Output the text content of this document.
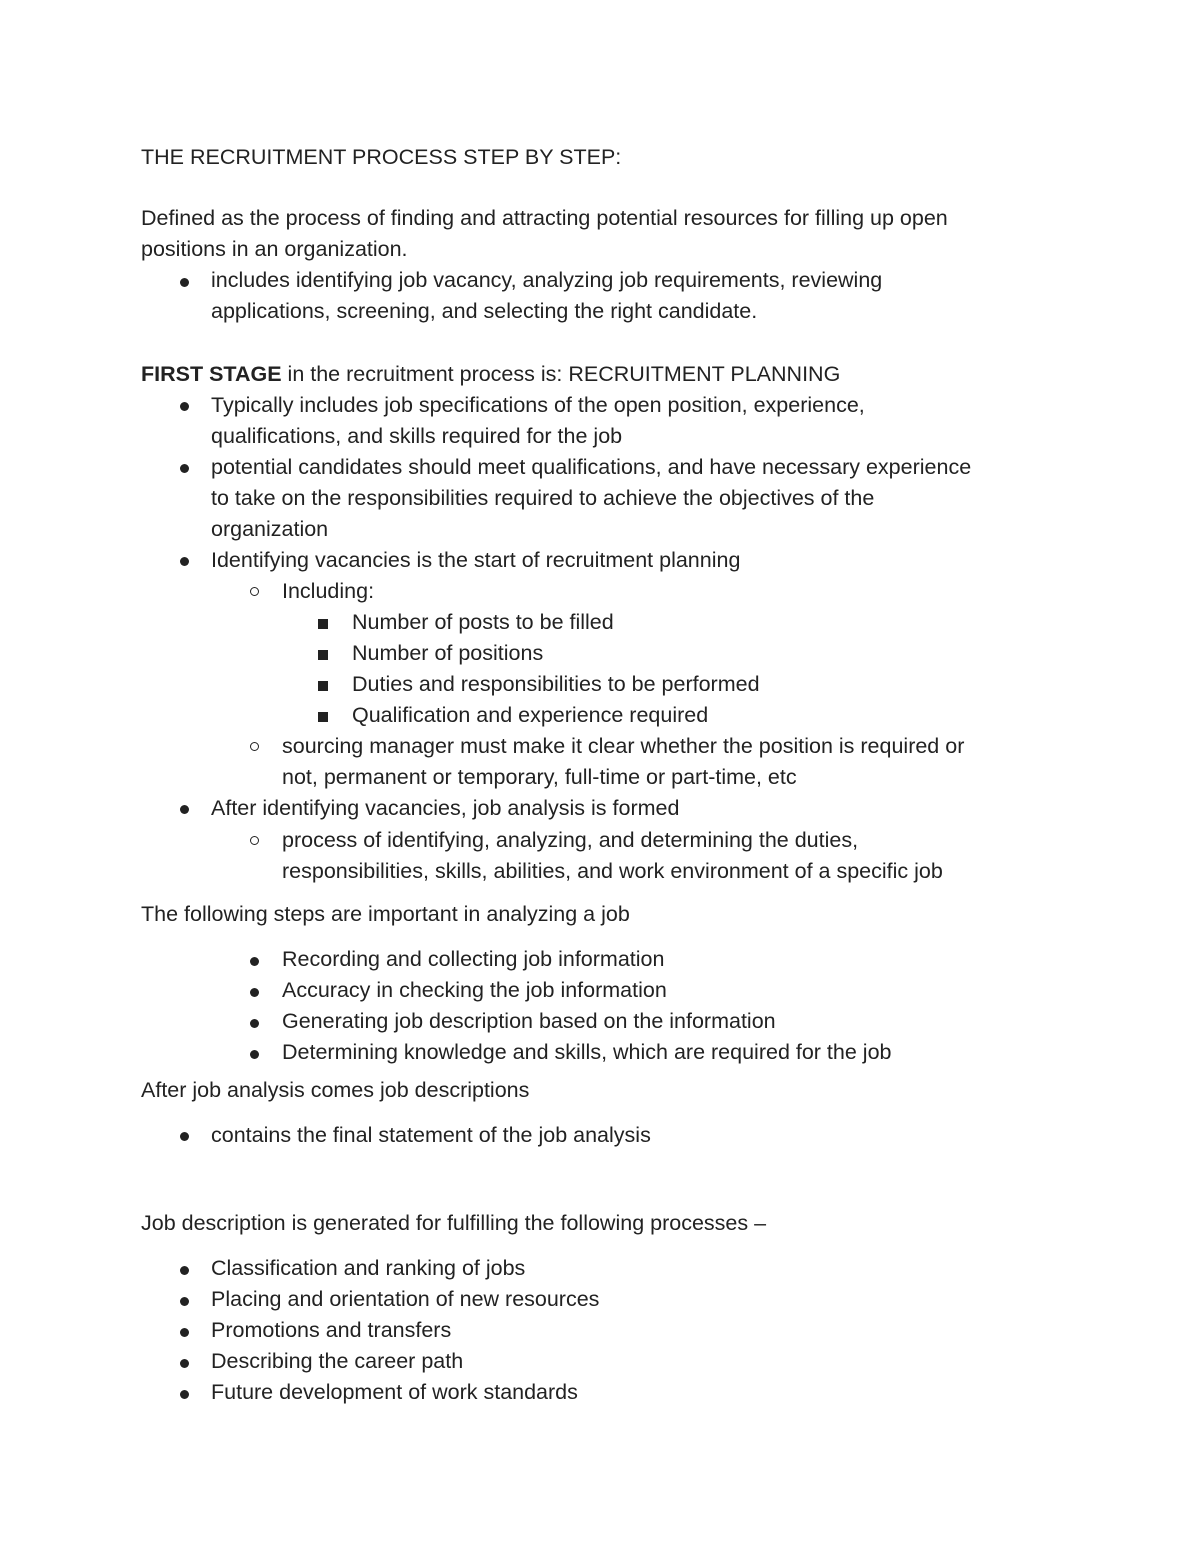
THE RECRUITMENT PROCESS STEP BY STEP:
Defined as the process of finding and attracting potential resources for filling up open
positions in an organization.
includes identifying job vacancy, analyzing job requirements, reviewing
applications, screening, and selecting the right candidate.
FIRST STAGE in the recruitment process is: RECRUITMENT PLANNING
Typically includes job specifications of the open position, experience,
qualifications, and skills required for the job
potential candidates should meet qualifications, and have necessary experience
to take on the responsibilities required to achieve the objectives of the
organization
Identifying vacancies is the start of recruitment planning
Including:
Number of posts to be filled
Number of positions
Duties and responsibilities to be performed
Qualification and experience required
sourcing manager must make it clear whether the position is required or
not, permanent or temporary, full-time or part-time, etc
After identifying vacancies, job analysis is formed
process of identifying, analyzing, and determining the duties,
responsibilities, skills, abilities, and work environment of a specific job
The following steps are important in analyzing a job
Recording and collecting job information
Accuracy in checking the job information
Generating job description based on the information
Determining knowledge and skills, which are required for the job
After job analysis comes job descriptions
contains the final statement of the job analysis
Job description is generated for fulfilling the following processes –
Classification and ranking of jobs
Placing and orientation of new resources
Promotions and transfers
Describing the career path
Future development of work standards
